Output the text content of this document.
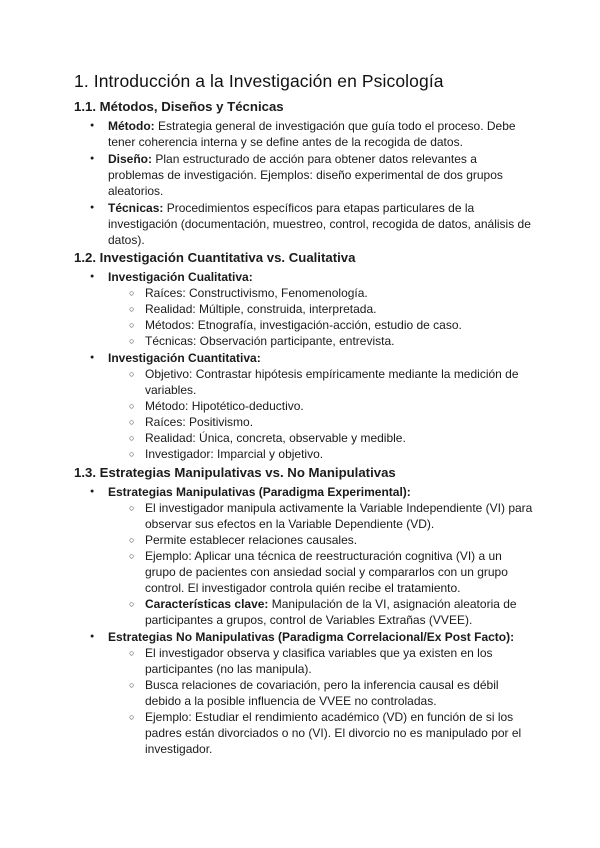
1. Introducción a la Investigación en Psicología
1.1. Métodos, Diseños y Técnicas
● Método: Estrategia general de investigación que guía todo el proceso. Debe tener coherencia interna y se define antes de la recogida de datos.
● Diseño: Plan estructurado de acción para obtener datos relevantes a problemas de investigación. Ejemplos: diseño experimental de dos grupos aleatorios.
● Técnicas: Procedimientos específicos para etapas particulares de la investigación (documentación, muestreo, control, recogida de datos, análisis de datos).
1.2. Investigación Cuantitativa vs. Cualitativa
● Investigación Cualitativa:
○ Raíces: Constructivismo, Fenomenología.
○ Realidad: Múltiple, construida, interpretada.
○ Métodos: Etnografía, investigación-acción, estudio de caso.
○ Técnicas: Observación participante, entrevista.
● Investigación Cuantitativa:
○ Objetivo: Contrastar hipótesis empíricamente mediante la medición de variables.
○ Método: Hipotético-deductivo.
○ Raíces: Positivismo.
○ Realidad: Única, concreta, observable y medible.
○ Investigador: Imparcial y objetivo.
1.3. Estrategias Manipulativas vs. No Manipulativas
● Estrategias Manipulativas (Paradigma Experimental):
○ El investigador manipula activamente la Variable Independiente (VI) para observar sus efectos en la Variable Dependiente (VD).
○ Permite establecer relaciones causales.
○ Ejemplo: Aplicar una técnica de reestructuración cognitiva (VI) a un grupo de pacientes con ansiedad social y compararlos con un grupo control. El investigador controla quién recibe el tratamiento.
○ Características clave: Manipulación de la VI, asignación aleatoria de participantes a grupos, control de Variables Extrañas (VVEE).
● Estrategias No Manipulativas (Paradigma Correlacional/Ex Post Facto):
○ El investigador observa y clasifica variables que ya existen en los participantes (no las manipula).
○ Busca relaciones de covariación, pero la inferencia causal es débil debido a la posible influencia de VVEE no controladas.
○ Ejemplo: Estudiar el rendimiento académico (VD) en función de si los padres están divorciados o no (VI). El divorcio no es manipulado por el investigador.
